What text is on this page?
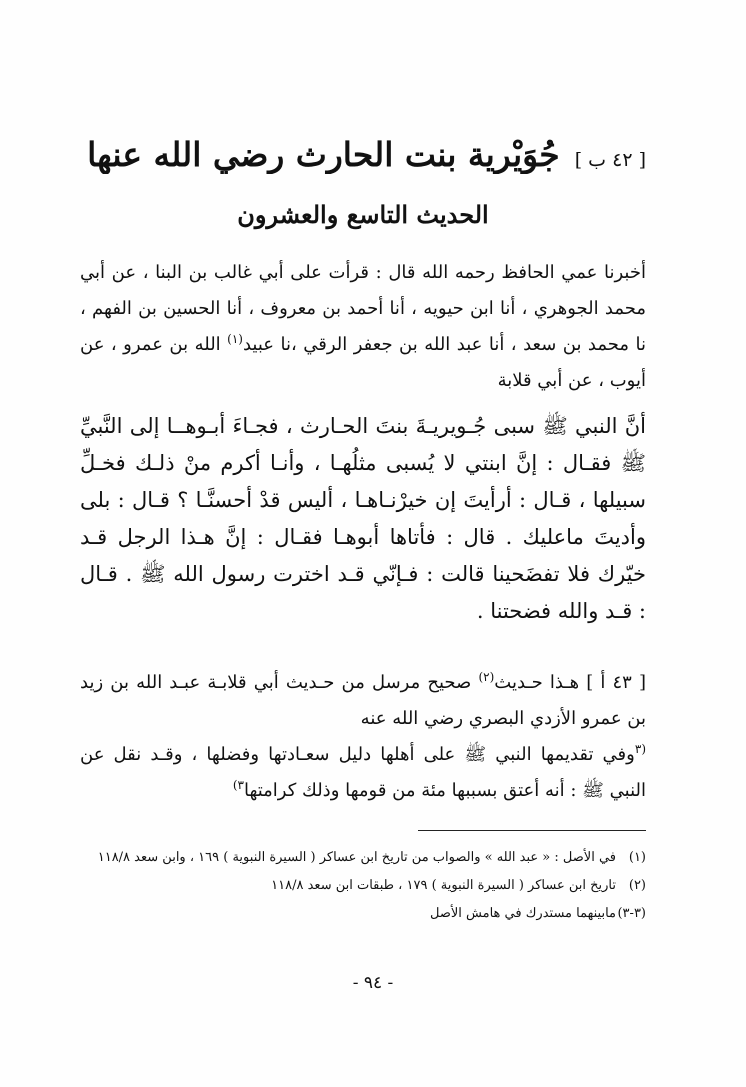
[ ٤٢ ب ] جُوَيْرِية بنت الحارث رضي الله عنها
الحديث التاسع والعشرون

أخبرنا عمي الحافظ رحمه الله قال : قرأت على أبي غالب بن البنا ، عن أبي محمد الجوهري ، أنا ابن حيويه ، أنا أحمد بن معروف ، أنا الحسين بن الفهم ، نا محمد بن سعد ، أنا عبد الله بن جعفر الرقي ،نا عبيد$^{(١)}$ الله بن عمرو ، عن أيوب ، عن أبي قلابة

أنَّ النبي ﷺ سبى جُـويريـةَ بنتَ الحـارث ، فجـاءَ أبـوهــا إلى النَّبيِّ ﷺ فقـال : إنَّ ابنتي لا يُسبى مثلُهـا ، وأنـا أكرم منْ ذلـك فخـلِّ سبيلها ، قـال : أرأيتَ إن خيرْنـاهـا ، أليس قدْ أحسنَّـا ؟ قـال : بلى وأديتَ ماعليك . قال : فأتاها أبوهـا فقـال : إنَّ هـذا الرجل قـد خيّرك فلا تفضَحينا قالت : فـإنّي قـد اخترت رسول الله ﷺ . قـال : قـد والله فضحتنا .

[ ٤٣ أ ] هـذا حـديث$^{(٢)}$ صحيح مرسل من حـديث أبي قلابـة عبـد الله بن زيد بن عمرو الأزدي البصري رضي الله عنه

$^{(٣}$وفي تقديمها النبي ﷺ على أهلها دليل سعـادتها وفضلها ، وقـد نقل عن النبي ﷺ : أنه أعتق بسببها مئة من قومها وذلك كرامتها$^{٣)}$

(١)
في الأصل : « عبد الله » والصواب من تاريخ ابن عساكر ( السيرة النبوية ) ١٦٩ ، وابن سعد ١١٨/٨
(٢)
تاريخ ابن عساكر ( السيرة النبوية ) ١٧٩ ، طبقات ابن سعد ١١٨/٨
(٣-٣)
مابينهما مستدرك في هامش الأصل
- ٩٤ -
